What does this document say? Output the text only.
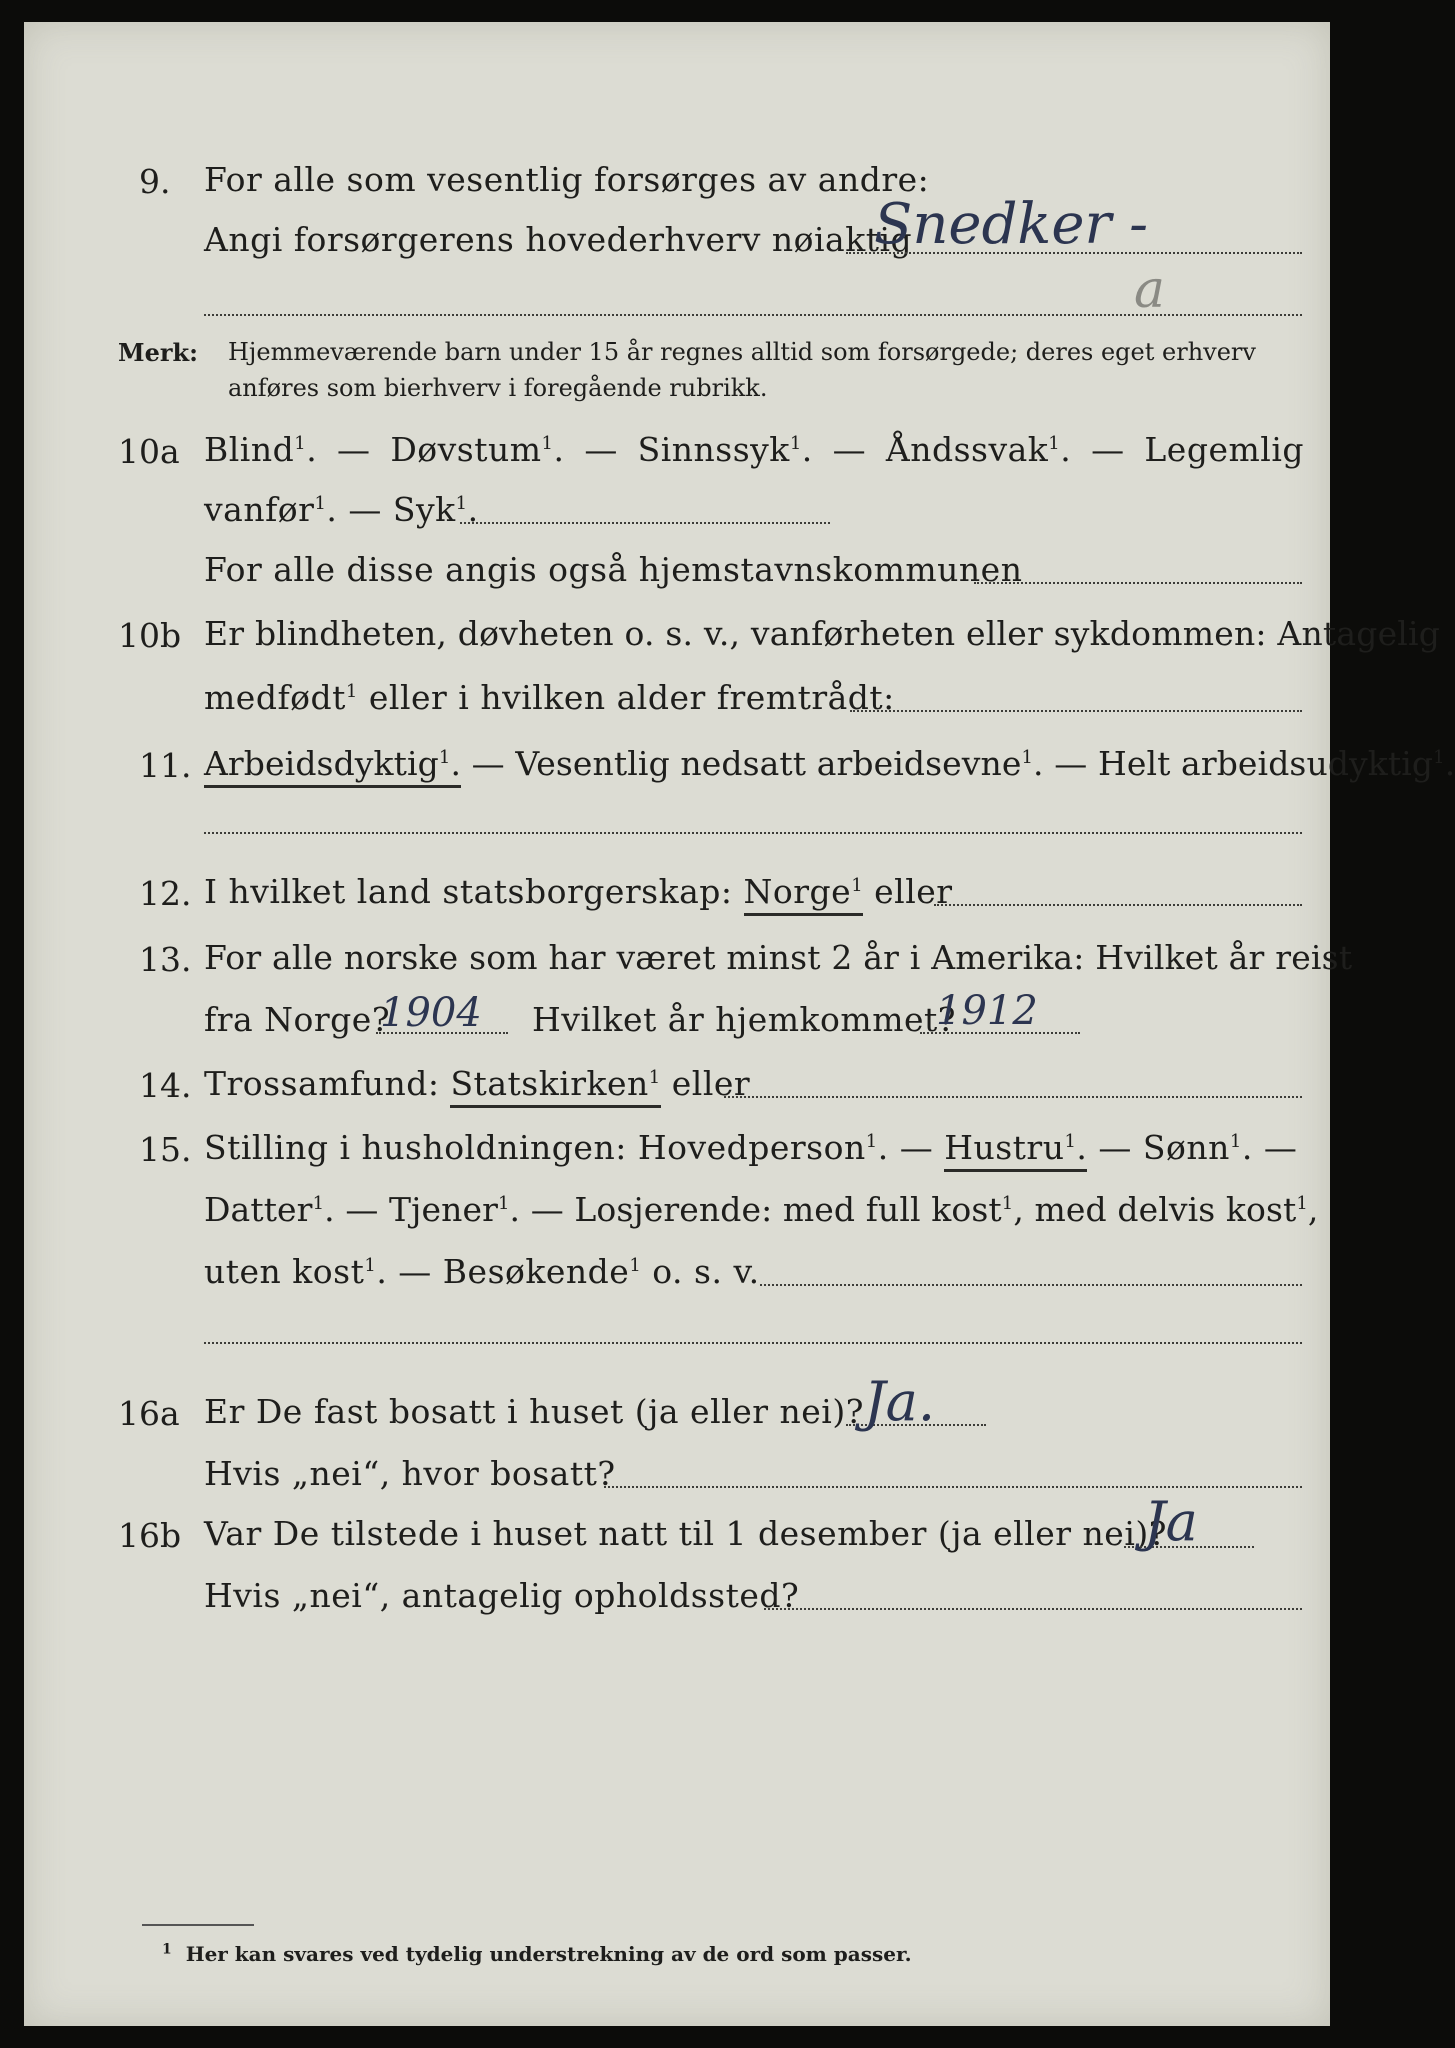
9. For alle som vesentlig forsørges av andre:
Angi forsørgerens hovederhverv nøiaktig
Snedker -
a
Merk: Hjemmeværende barn under 15 år regnes alltid som forsørgede; deres eget erhverv
anføres som bierhverv i foregående rubrikk.
10a Blind$^1$. — Døvstum$^1$. — Sinnssyk$^1$. — Åndssvak$^1$. — Legemlig
vanfør$^1$. — Syk$^1$.
For alle disse angis også hjemstavnskommunen
10b Er blindheten, døvheten o. s. v., vanførheten eller sykdommen: Antagelig
medfødt$^1$ eller i hvilken alder fremtrådt:
11. Arbeidsdyktig$^1$. — Vesentlig nedsatt arbeidsevne$^1$. — Helt arbeidsudyktig$^1$.
12. I hvilket land statsborgerskap: Norge$^1$ eller
13. For alle norske som har været minst 2 år i Amerika: Hvilket år reist
fra Norge?
1904 Hvilket år hjemkommet?
1912
14. Trossamfund: Statskirken$^1$ eller
15. Stilling i husholdningen: Hovedperson$^1$. — Hustru$^1$. — Sønn$^1$. —
Datter$^1$. — Tjener$^1$. — Losjerende: med full kost$^1$, med delvis kost$^1$,
uten kost$^1$. — Besøkende$^1$ o. s. v.
16a Er De fast bosatt i huset (ja eller nei)? Ja.
Hvis „nei“, hvor bosatt?
16b Var De tilstede i huset natt til 1 desember (ja eller nei)?
Ja
Hvis „nei“, antagelig opholdssted?
$^1$ Her kan svares ved tydelig understrekning av de ord som passer.
